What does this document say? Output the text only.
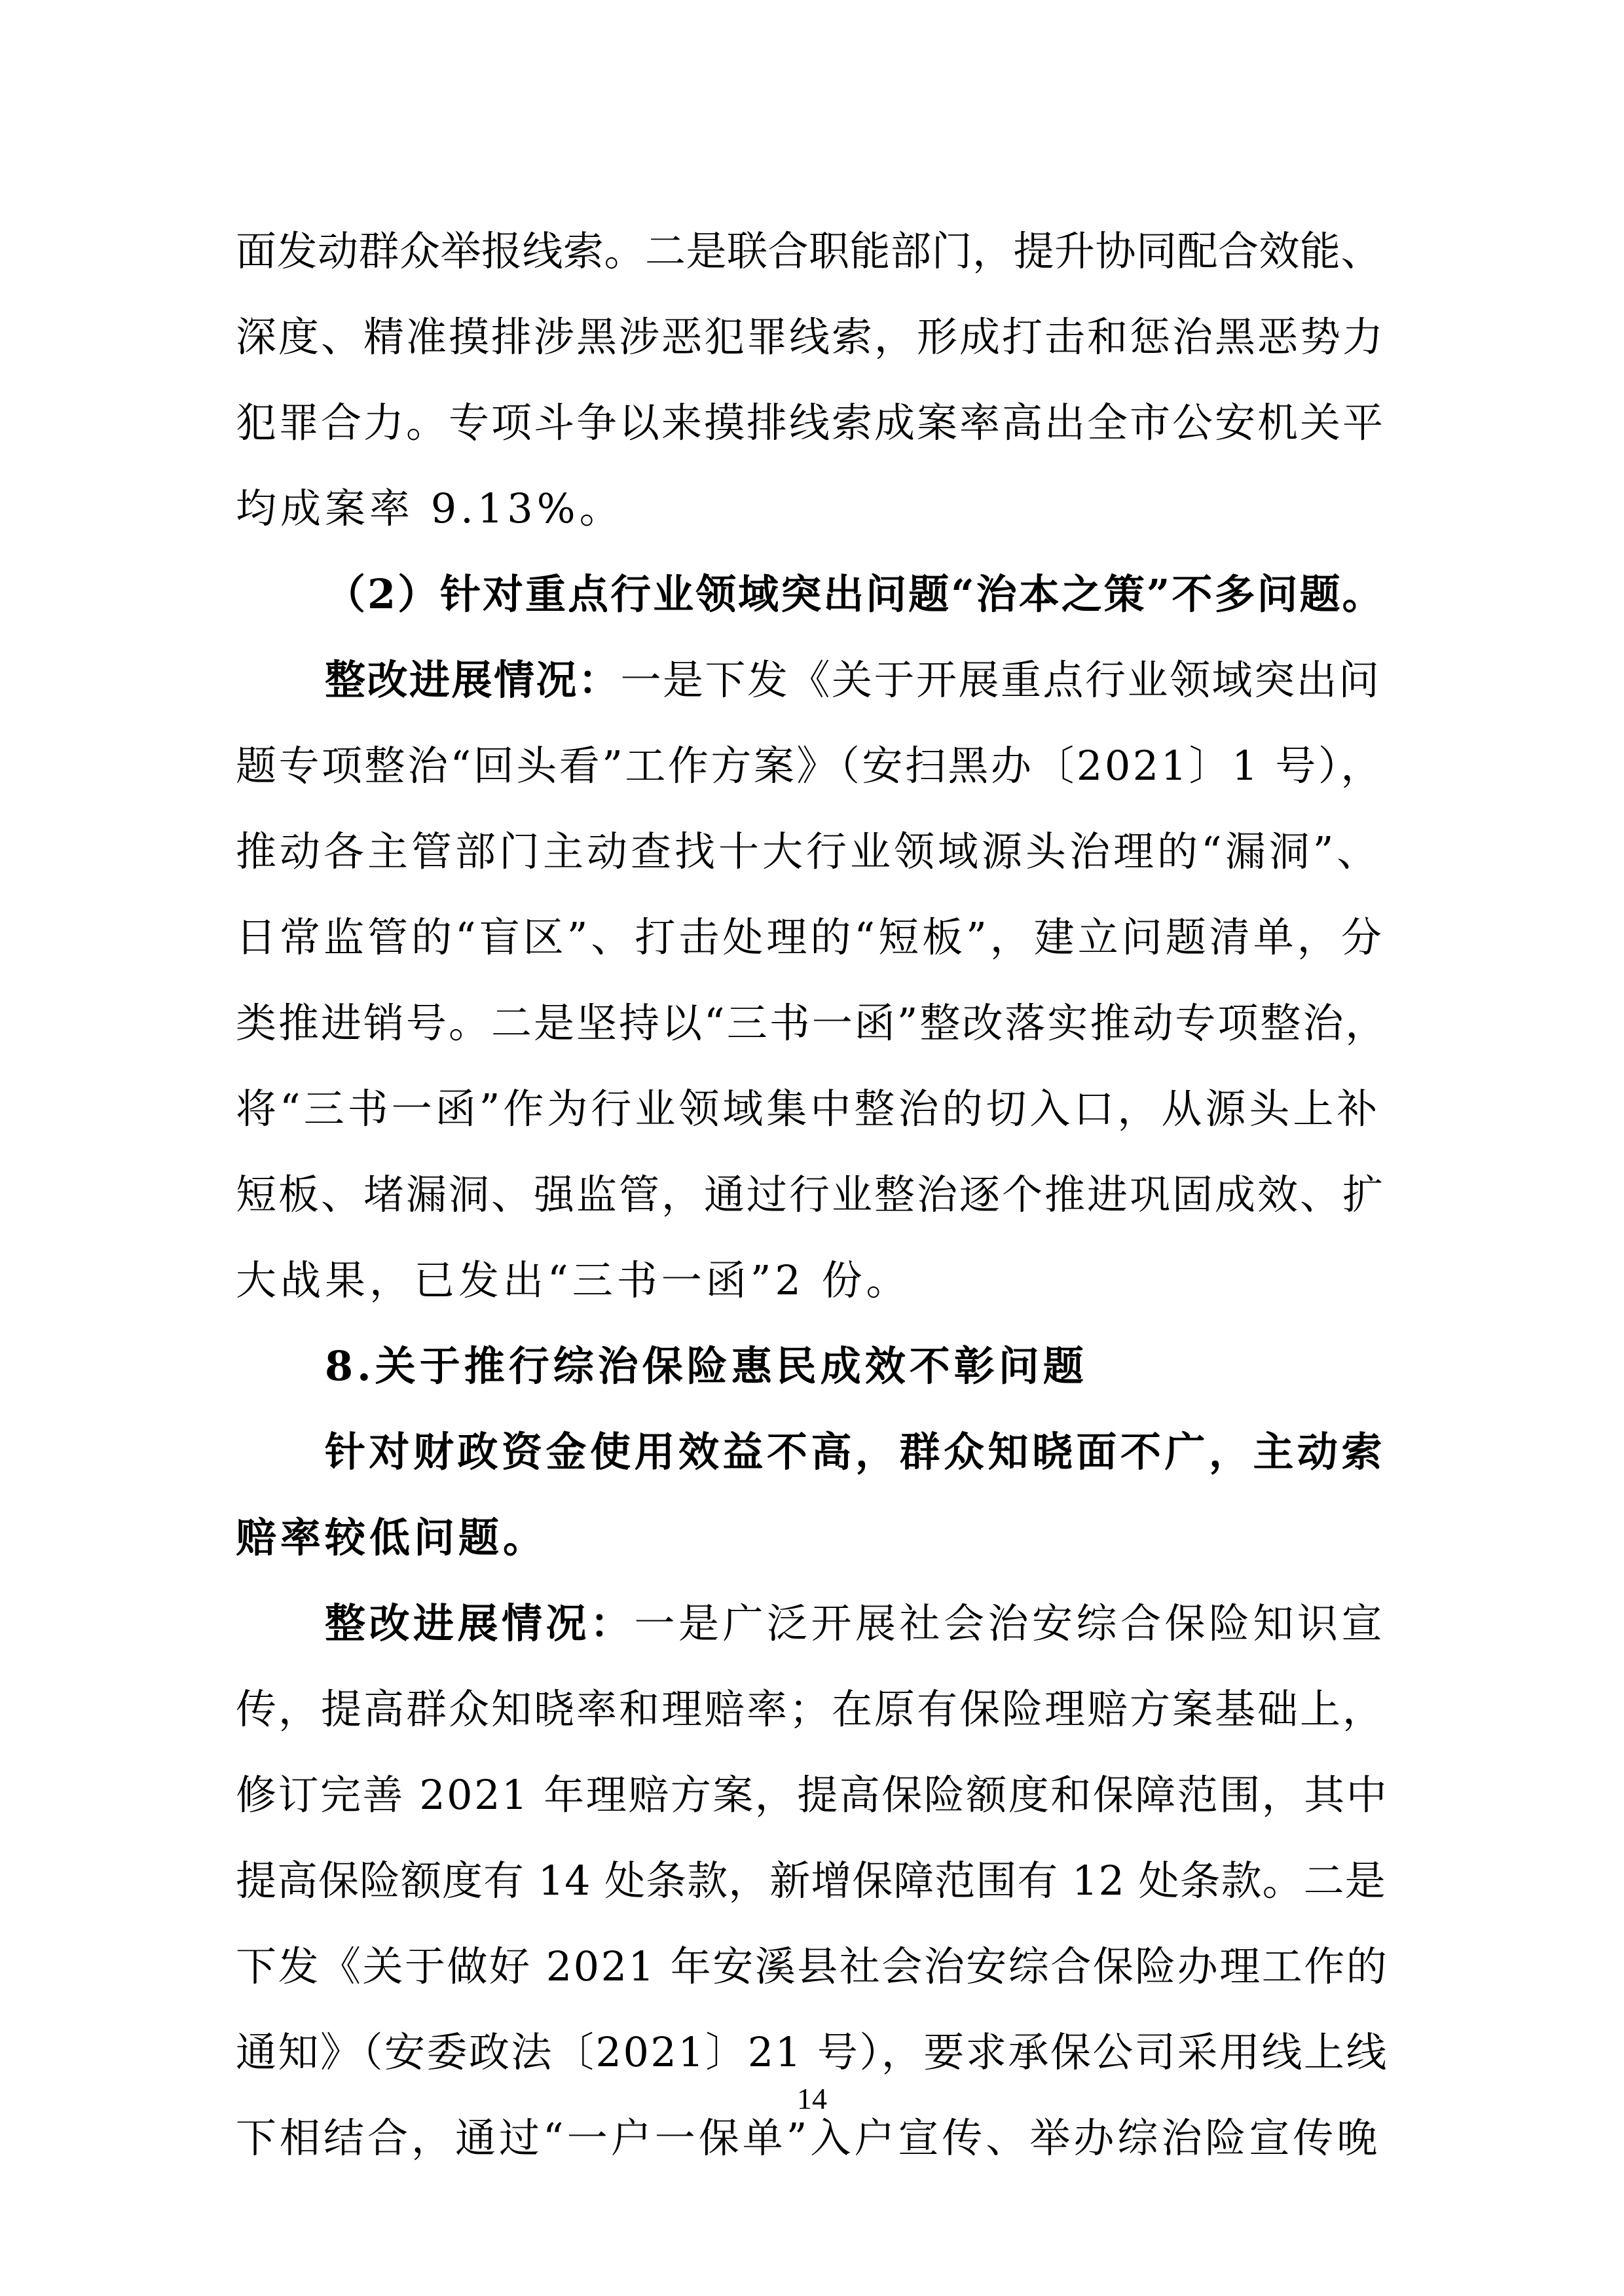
面发动群众举报线索。二是联合职能部门，提升协同配合效能、
深度、精准摸排涉黑涉恶犯罪线索，形成打击和惩治黑恶势力
犯罪合力。专项斗争以来摸排线索成案率高出全市公安机关平
均成案率 9.13%。

（2）针对重点行业领域突出问题“治本之策”不多问题。

整改进展情况：一是下发《关于开展重点行业领域突出问
题专项整治“回头看”工作方案》（安扫黑办〔2021〕1 号），
推动各主管部门主动查找十大行业领域源头治理的“漏洞”、
日常监管的“盲区”、打击处理的“短板”，建立问题清单，分
类推进销号。二是坚持以“三书一函”整改落实推动专项整治，
将“三书一函”作为行业领域集中整治的切入口，从源头上补
短板、堵漏洞、强监管，通过行业整治逐个推进巩固成效、扩
大战果，已发出“三书一函”2 份。

8.关于推行综治保险惠民成效不彰问题

针对财政资金使用效益不高，群众知晓面不广，主动索
赔率较低问题。

整改进展情况：一是广泛开展社会治安综合保险知识宣
传，提高群众知晓率和理赔率；在原有保险理赔方案基础上，
修订完善 2021 年理赔方案，提高保险额度和保障范围，其中
提高保险额度有 14 处条款，新增保障范围有 12 处条款。二是
下发《关于做好 2021 年安溪县社会治安综合保险办理工作的
通知》（安委政法〔2021〕21 号），要求承保公司采用线上线
下相结合，通过“一户一保单”入户宣传、举办综治险宣传晚

14
